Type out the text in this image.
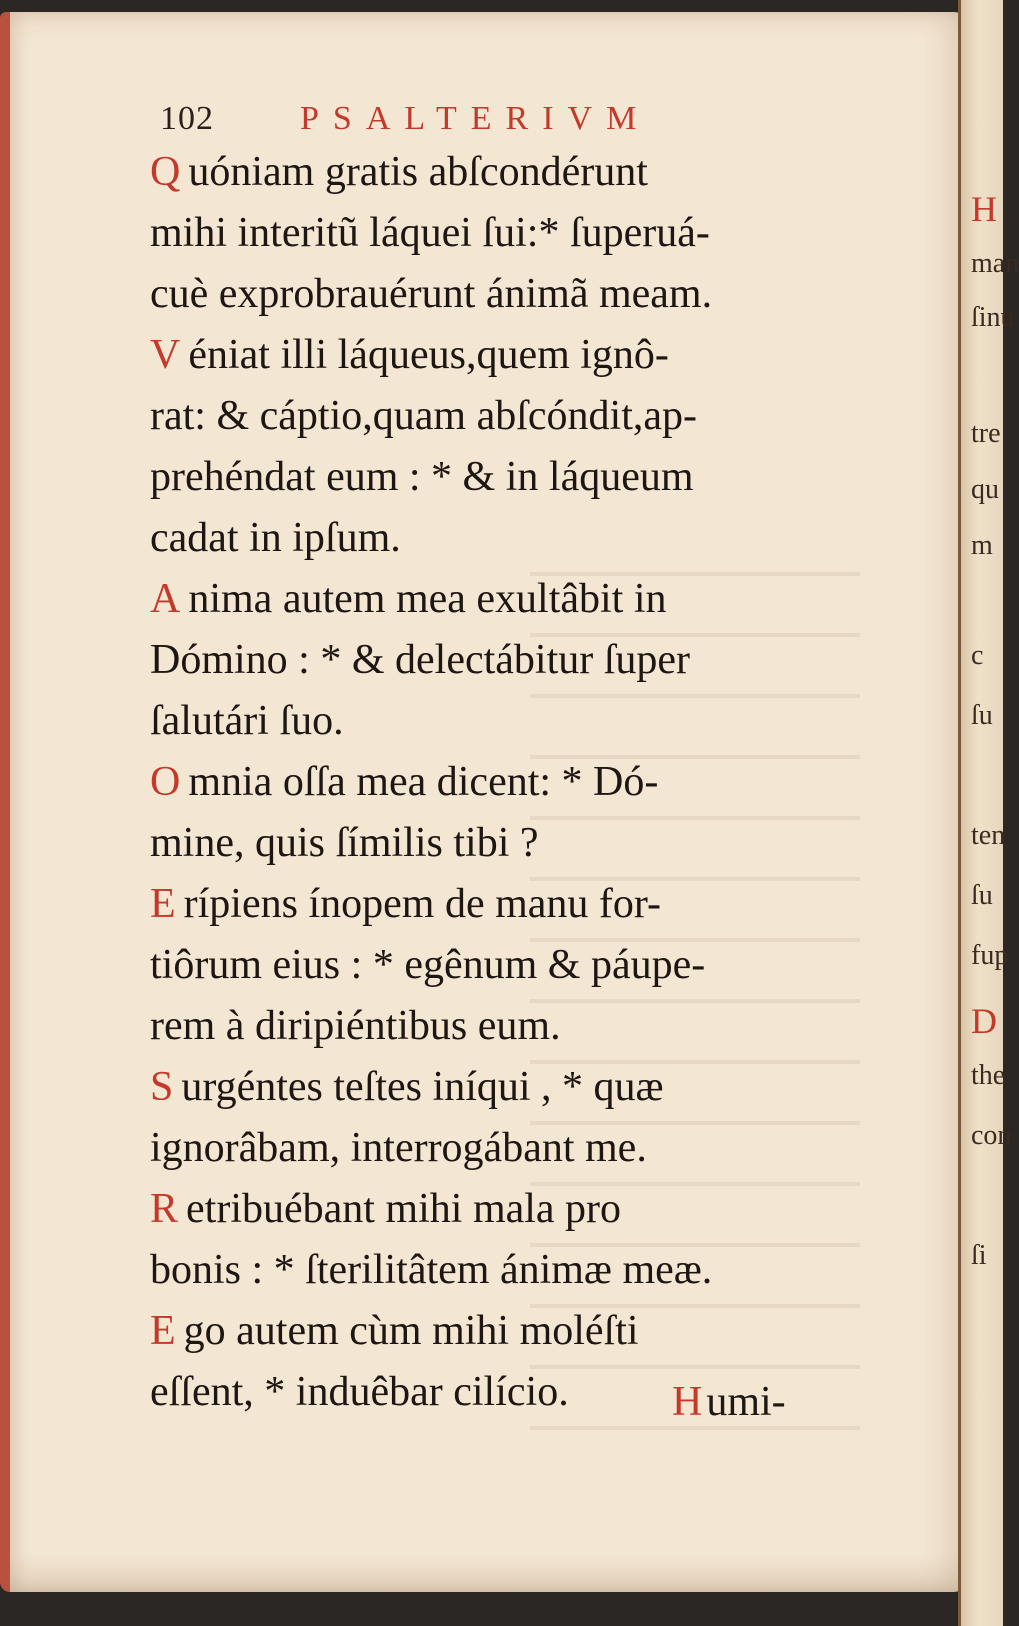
H
man
ſinu
tre
qu
m
c
ſu
ten
ſu
fup
D
the
con
ſi
102	PSALTERIVM
Q uóniam gratis abſcondérunt
mihi interitũ láquei ſui:* ſuperuá-
cuè exprobrauérunt ánimã meam.
V éniat illi láqueus,quem ignô-
rat: & cáptio,quam abſcóndit,ap-
prehéndat eum : * & in láqueum
cadat in ipſum.
A nima autem mea exultâbit in
Dómino : * & delectábitur ſuper
ſalutári ſuo.
O mnia oſſa mea dicent: * Dó-
mine, quis ſímilis tibi ?
E rípiens ínopem de manu for-
tiôrum eius : * egênum & páupe-
rem à diripiéntibus eum.
S urgéntes teſtes iníqui , * quæ
ignorâbam, interrogábant me.
R etribuébant mihi mala pro
bonis : * ſterilitâtem ánimæ meæ.
E go autem cùm mihi moléſti
eſſent, * induêbar cilício.	Humi-
